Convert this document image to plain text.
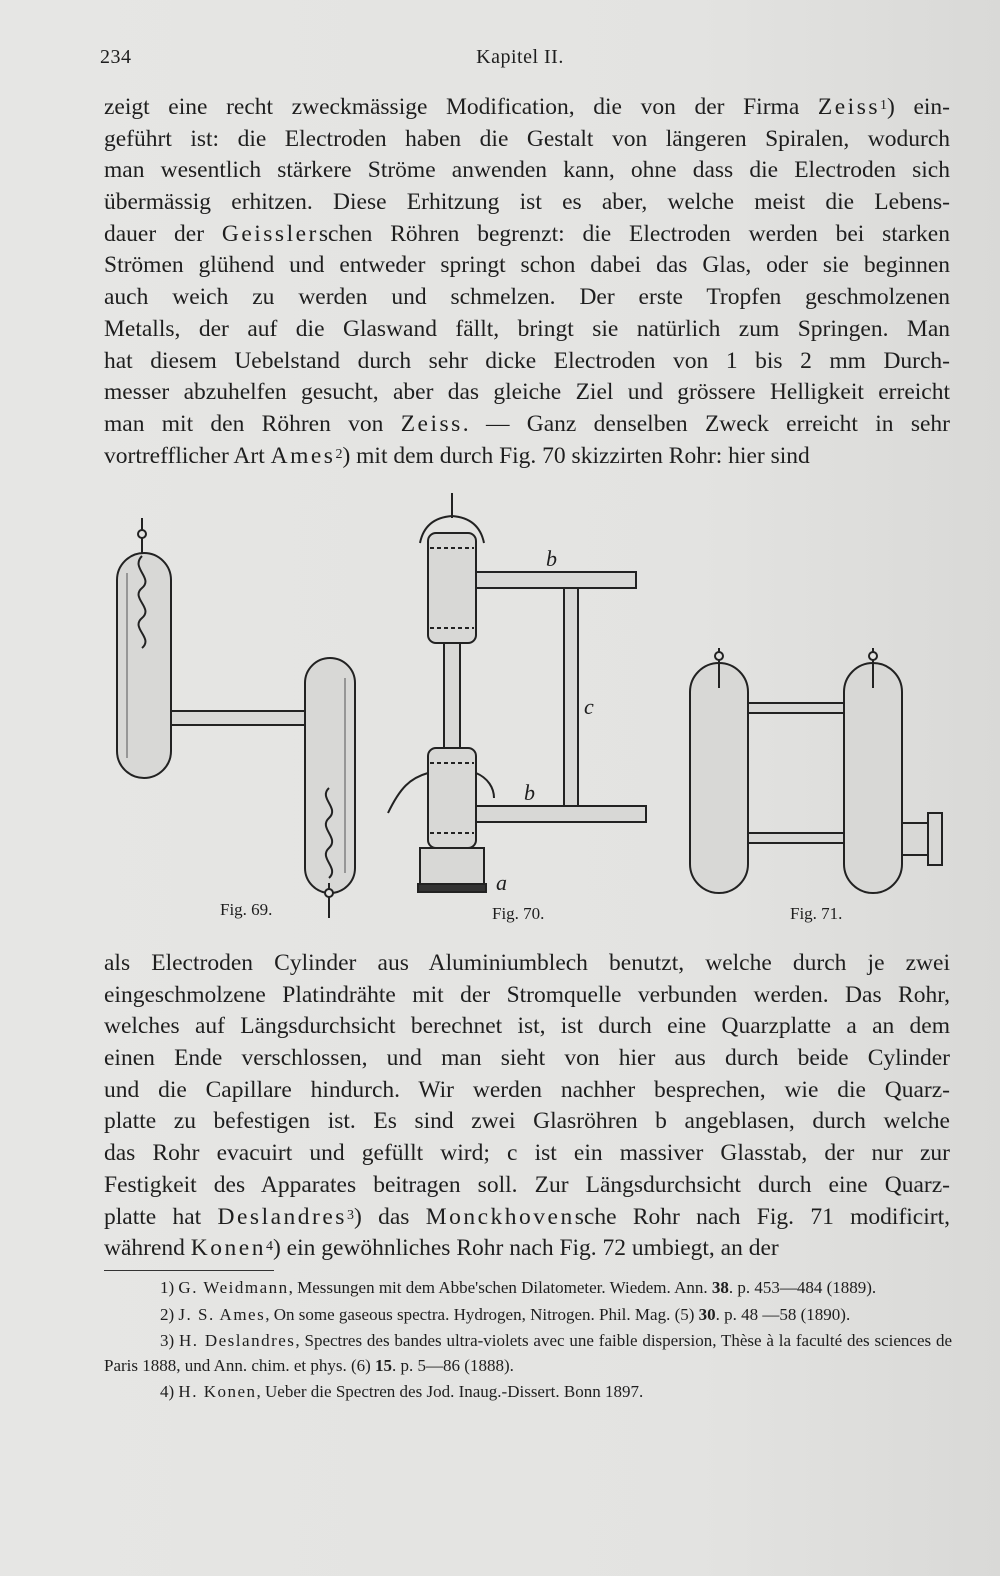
234	Kapitel II.
zeigt eine recht zweckmässige Modification, die von der Firma Zeiss$^1$) ein-
geführt ist: die Electroden haben die Gestalt von längeren Spiralen, wodurch
man wesentlich stärkere Ströme anwenden kann, ohne dass die Electroden sich
übermässig erhitzen. Diese Erhitzung ist es aber, welche meist die Lebens-
dauer der Geisslerschen Röhren begrenzt: die Electroden werden bei starken
Strömen glühend und entweder springt schon dabei das Glas, oder sie beginnen
auch weich zu werden und schmelzen. Der erste Tropfen geschmolzenen
Metalls, der auf die Glaswand fällt, bringt sie natürlich zum Springen. Man
hat diesem Uebelstand durch sehr dicke Electroden von 1 bis 2 mm Durch-
messer abzuhelfen gesucht, aber das gleiche Ziel und grössere Helligkeit erreicht
man mit den Röhren von Zeiss. — Ganz denselben Zweck erreicht in sehr
vortrefflicher Art Ames$^2$) mit dem durch Fig. 70 skizzirten Rohr: hier sind
b
c
b
a
Fig. 69.	Fig. 70.	Fig. 71.
als Electroden Cylinder aus Aluminiumblech benutzt, welche durch je zwei
eingeschmolzene Platindrähte mit der Stromquelle verbunden werden. Das Rohr,
welches auf Längsdurchsicht berechnet ist, ist durch eine Quarzplatte a an dem
einen Ende verschlossen, und man sieht von hier aus durch beide Cylinder
und die Capillare hindurch. Wir werden nachher besprechen, wie die Quarz-
platte zu befestigen ist. Es sind zwei Glasröhren b angeblasen, durch welche
das Rohr evacuirt und gefüllt wird; c ist ein massiver Glasstab, der nur zur
Festigkeit des Apparates beitragen soll. Zur Längsdurchsicht durch eine Quarz-
platte hat Deslandres$^3$) das Monckhovensche Rohr nach Fig. 71 modificirt,
während Konen$^4$) ein gewöhnliches Rohr nach Fig. 72 umbiegt, an der
1) G. Weidmann, Messungen mit dem Abbe'schen Dilatometer. Wiedem. Ann. 38. p. 453—484 (1889).
2) J. S. Ames, On some gaseous spectra. Hydrogen, Nitrogen. Phil. Mag. (5) 30. p. 48 —58 (1890).
3) H. Deslandres, Spectres des bandes ultra-violets avec une faible dispersion, Thèse à la faculté des sciences de Paris 1888, und Ann. chim. et phys. (6) 15. p. 5—86 (1888).
4) H. Konen, Ueber die Spectren des Jod. Inaug.-Dissert. Bonn 1897.
